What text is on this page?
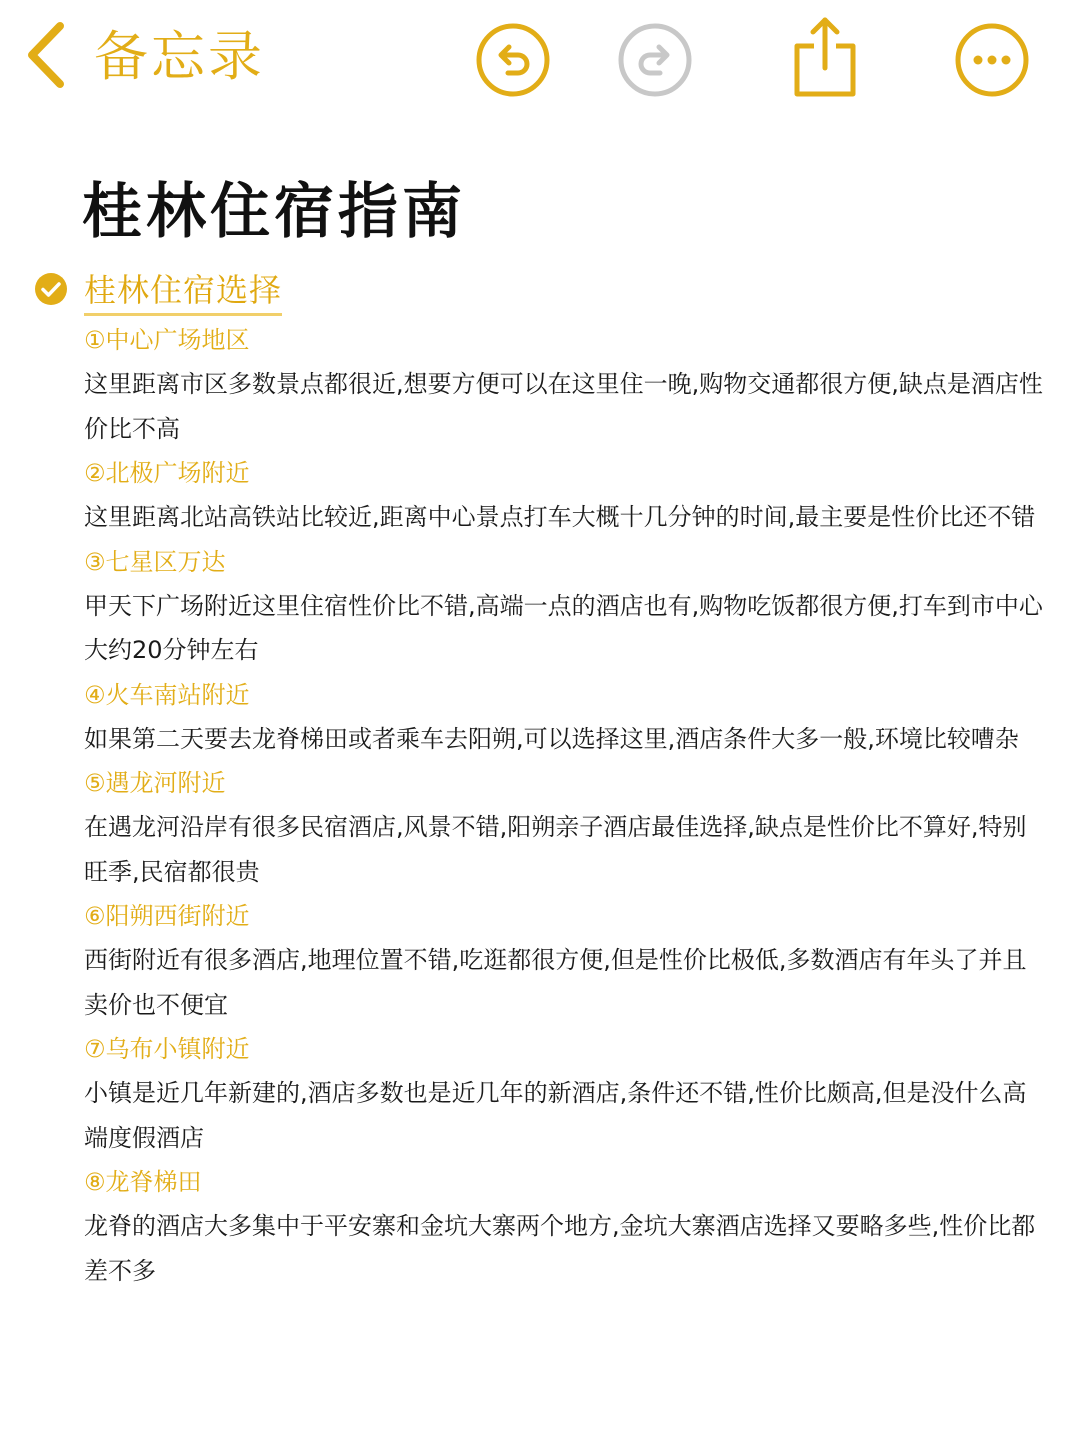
备忘录
桂林住宿指南
桂林住宿选择
①中心广场地区
这里距离市区多数景点都很近,想要方便可以在这里住一晚,购物交通都很方便,缺点是酒店性价比不高
②北极广场附近
这里距离北站高铁站比较近,距离中心景点打车大概十几分钟的时间,最主要是性价比还不错
③七星区万达
甲天下广场附近这里住宿性价比不错,高端一点的酒店也有,购物吃饭都很方便,打车到市中心大约20分钟左右
④火车南站附近
如果第二天要去龙脊梯田或者乘车去阳朔,可以选择这里,酒店条件大多一般,环境比较嘈杂
⑤遇龙河附近
在遇龙河沿岸有很多民宿酒店,风景不错,阳朔亲子酒店最佳选择,缺点是性价比不算好,特别旺季,民宿都很贵
⑥阳朔西街附近
西街附近有很多酒店,地理位置不错,吃逛都很方便,但是性价比极低,多数酒店有年头了并且卖价也不便宜
⑦乌布小镇附近
小镇是近几年新建的,酒店多数也是近几年的新酒店,条件还不错,性价比颇高,但是没什么高端度假酒店
⑧龙脊梯田
龙脊的酒店大多集中于平安寨和金坑大寨两个地方,金坑大寨酒店选择又要略多些,性价比都差不多
